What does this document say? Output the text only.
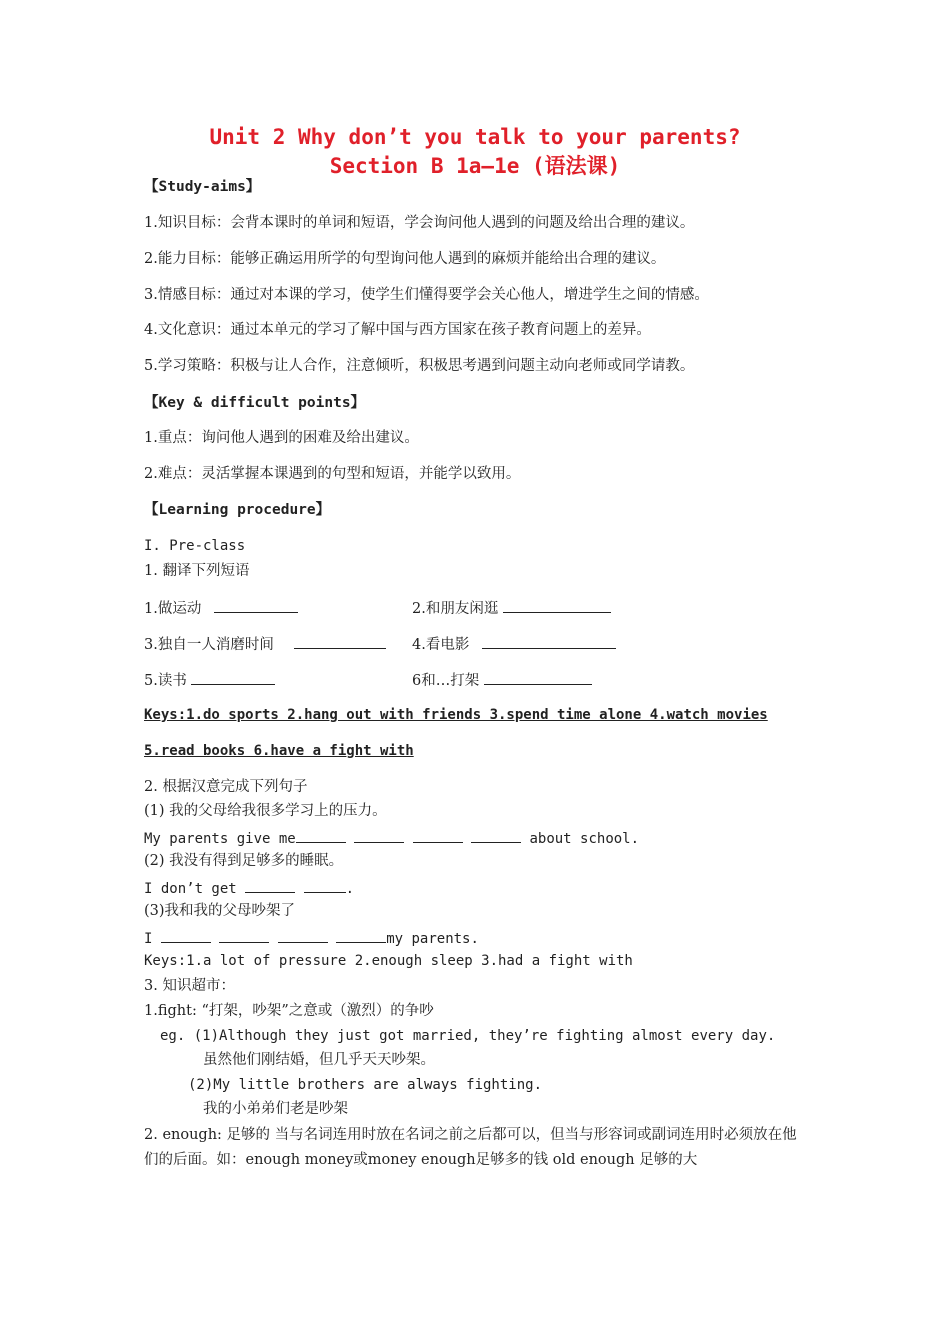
Unit 2 Why don’t you talk to your parents?
Section B 1a—1e (语法课)
【Study-aims】
1.知识目标：会背本课时的单词和短语，学会询问他人遇到的问题及给出合理的建议。
2.能力目标：能够正确运用所学的句型询问他人遇到的麻烦并能给出合理的建议。
3.情感目标：通过对本课的学习，使学生们懂得要学会关心他人，增进学生之间的情感。
4.文化意识：通过本单元的学习了解中国与西方国家在孩子教育问题上的差异。
5.学习策略：积极与让人合作，注意倾听，积极思考遇到问题主动向老师或同学请教。
【Key & difficult points】
1.重点：询问他人遇到的困难及给出建议。
2.难点：灵活掌握本课遇到的句型和短语，并能学以致用。
【Learning procedure】
I. Pre-class
1. 翻译下列短语
1.做运动	2.和朋友闲逛
3.独自一人消磨时间	4.看电影
5.读书	6和…打架
Keys:1.do sports 2.hang out with friends 3.spend time alone 4.watch movies
5.read books 6.have a fight with
2. 根据汉意完成下列句子
(1) 我的父母给我很多学习上的压力。
My parents give me	about school.
(2) 我没有得到足够多的睡眠。
I don’t get	.
(3)我和我的父母吵架了
I	my parents.
Keys:1.a lot of pressure 2.enough sleep 3.had a fight with
3. 知识超市：
1.fight: “打架，吵架”之意或（激烈）的争吵
eg. (1)Although they just got married, they’re fighting almost every day.
虽然他们刚结婚，但几乎天天吵架。
(2)My little brothers are always fighting.
我的小弟弟们老是吵架
2. enough: 足够的 当与名词连用时放在名词之前之后都可以，但当与形容词或副词连用时必须放在他们的后面。如：enough money或money enough足够多的钱 old enough 足够的大
